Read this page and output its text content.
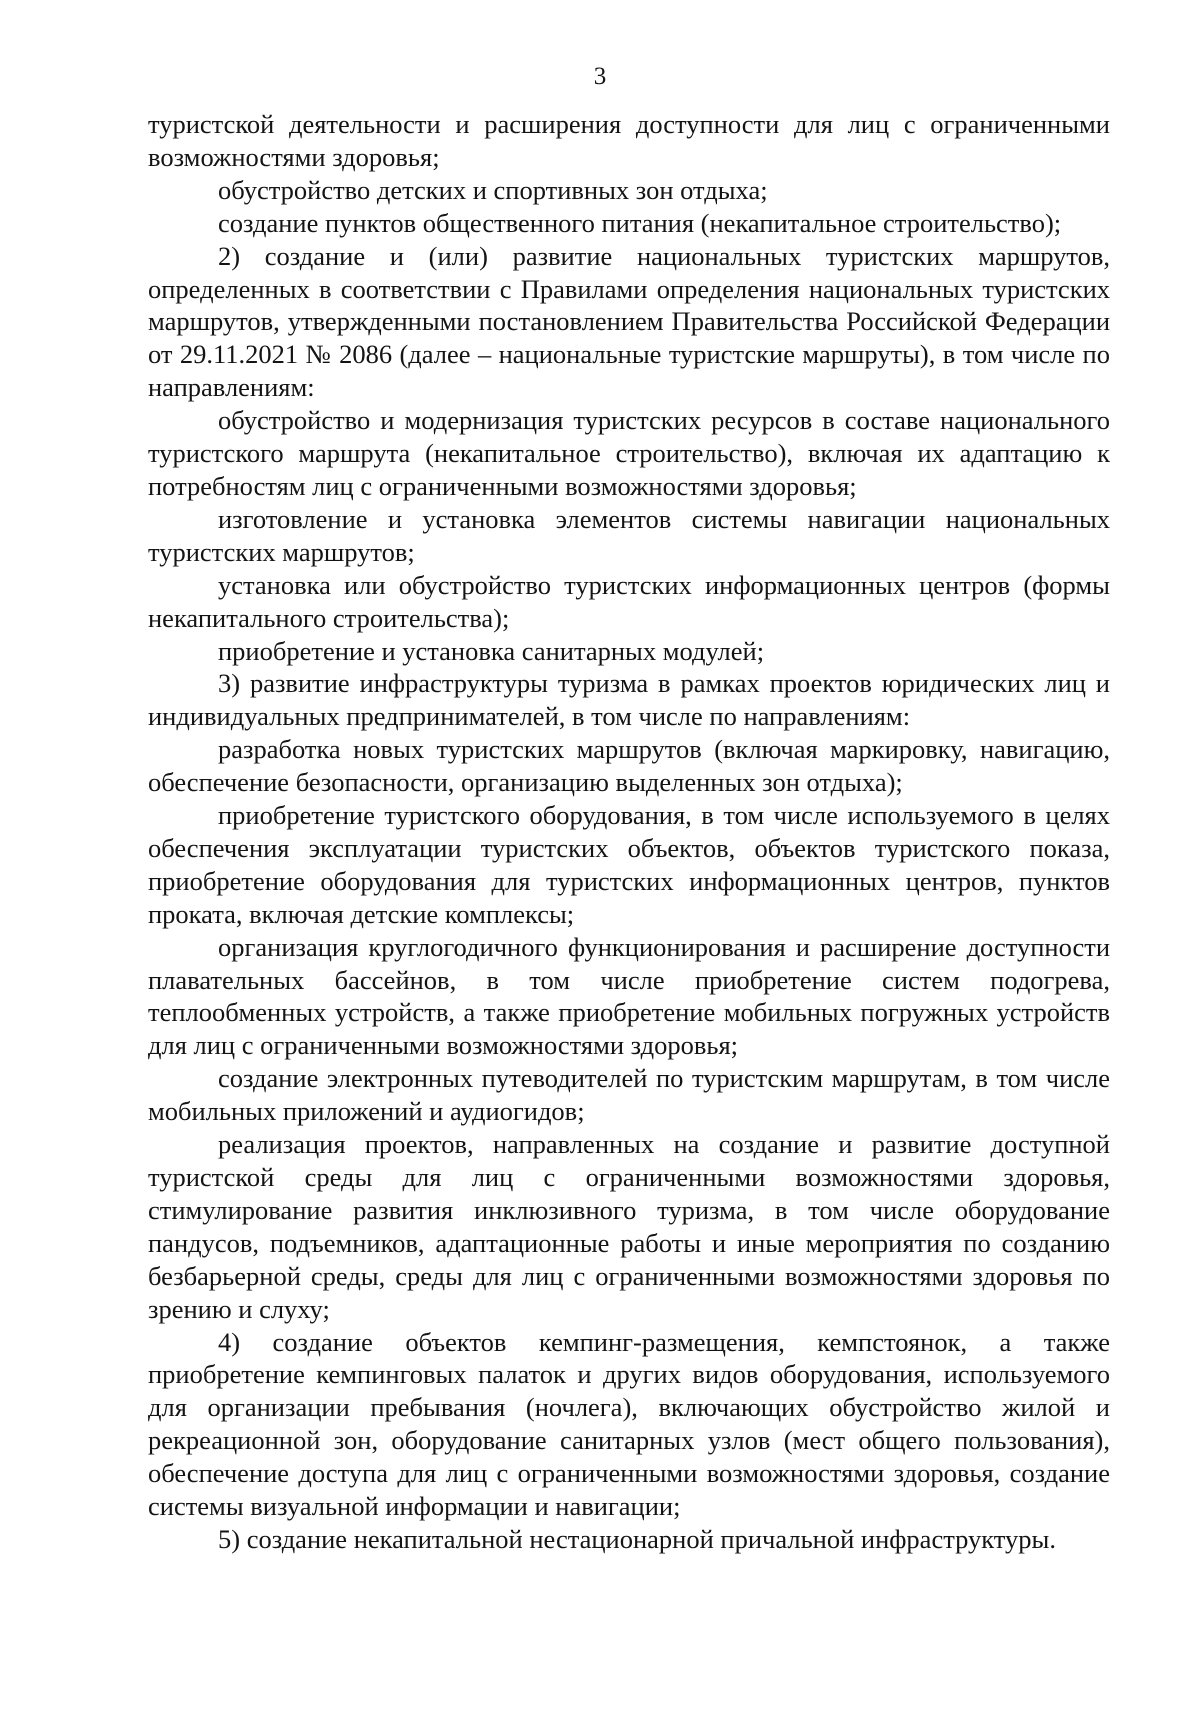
3

туристской деятельности и расширения доступности для лиц с ограниченными возможностями здоровья;

обустройство детских и спортивных зон отдыха;

создание пунктов общественного питания (некапитальное строительство);

2) создание и (или) развитие национальных туристских маршрутов, определенных в соответствии с Правилами определения национальных туристских маршрутов, утвержденными постановлением Правительства Российской Федерации от 29.11.2021 № 2086 (далее – национальные туристские маршруты), в том числе по направлениям:

обустройство и модернизация туристских ресурсов в составе национального туристского маршрута (некапитальное строительство), включая их адаптацию к потребностям лиц с ограниченными возможностями здоровья;

изготовление и установка элементов системы навигации национальных туристских маршрутов;

установка или обустройство туристских информационных центров (формы некапитального строительства);

приобретение и установка санитарных модулей;

3) развитие инфраструктуры туризма в рамках проектов юридических лиц и индивидуальных предпринимателей, в том числе по направлениям:

разработка новых туристских маршрутов (включая маркировку, навигацию, обеспечение безопасности, организацию выделенных зон отдыха);

приобретение туристского оборудования, в том числе используемого в целях обеспечения эксплуатации туристских объектов, объектов туристского показа, приобретение оборудования для туристских информационных центров, пунктов проката, включая детские комплексы;

организация круглогодичного функционирования и расширение доступности плавательных бассейнов, в том числе приобретение систем подогрева, теплообменных устройств, а также приобретение мобильных погружных устройств для лиц с ограниченными возможностями здоровья;

создание электронных путеводителей по туристским маршрутам, в том числе мобильных приложений и аудиогидов;

реализация проектов, направленных на создание и развитие доступной туристской среды для лиц с ограниченными возможностями здоровья, стимулирование развития инклюзивного туризма, в том числе оборудование пандусов, подъемников, адаптационные работы и иные мероприятия по созданию безбарьерной среды, среды для лиц с ограниченными возможностями здоровья по зрению и слуху;

4) создание объектов кемпинг-размещения, кемпстоянок, а также приобретение кемпинговых палаток и других видов оборудования, используемого для организации пребывания (ночлега), включающих обустройство жилой и рекреационной зон, оборудование санитарных узлов (мест общего пользования), обеспечение доступа для лиц с ограниченными возможностями здоровья, создание системы визуальной информации и навигации;

5) создание некапитальной нестационарной причальной инфраструктуры.
